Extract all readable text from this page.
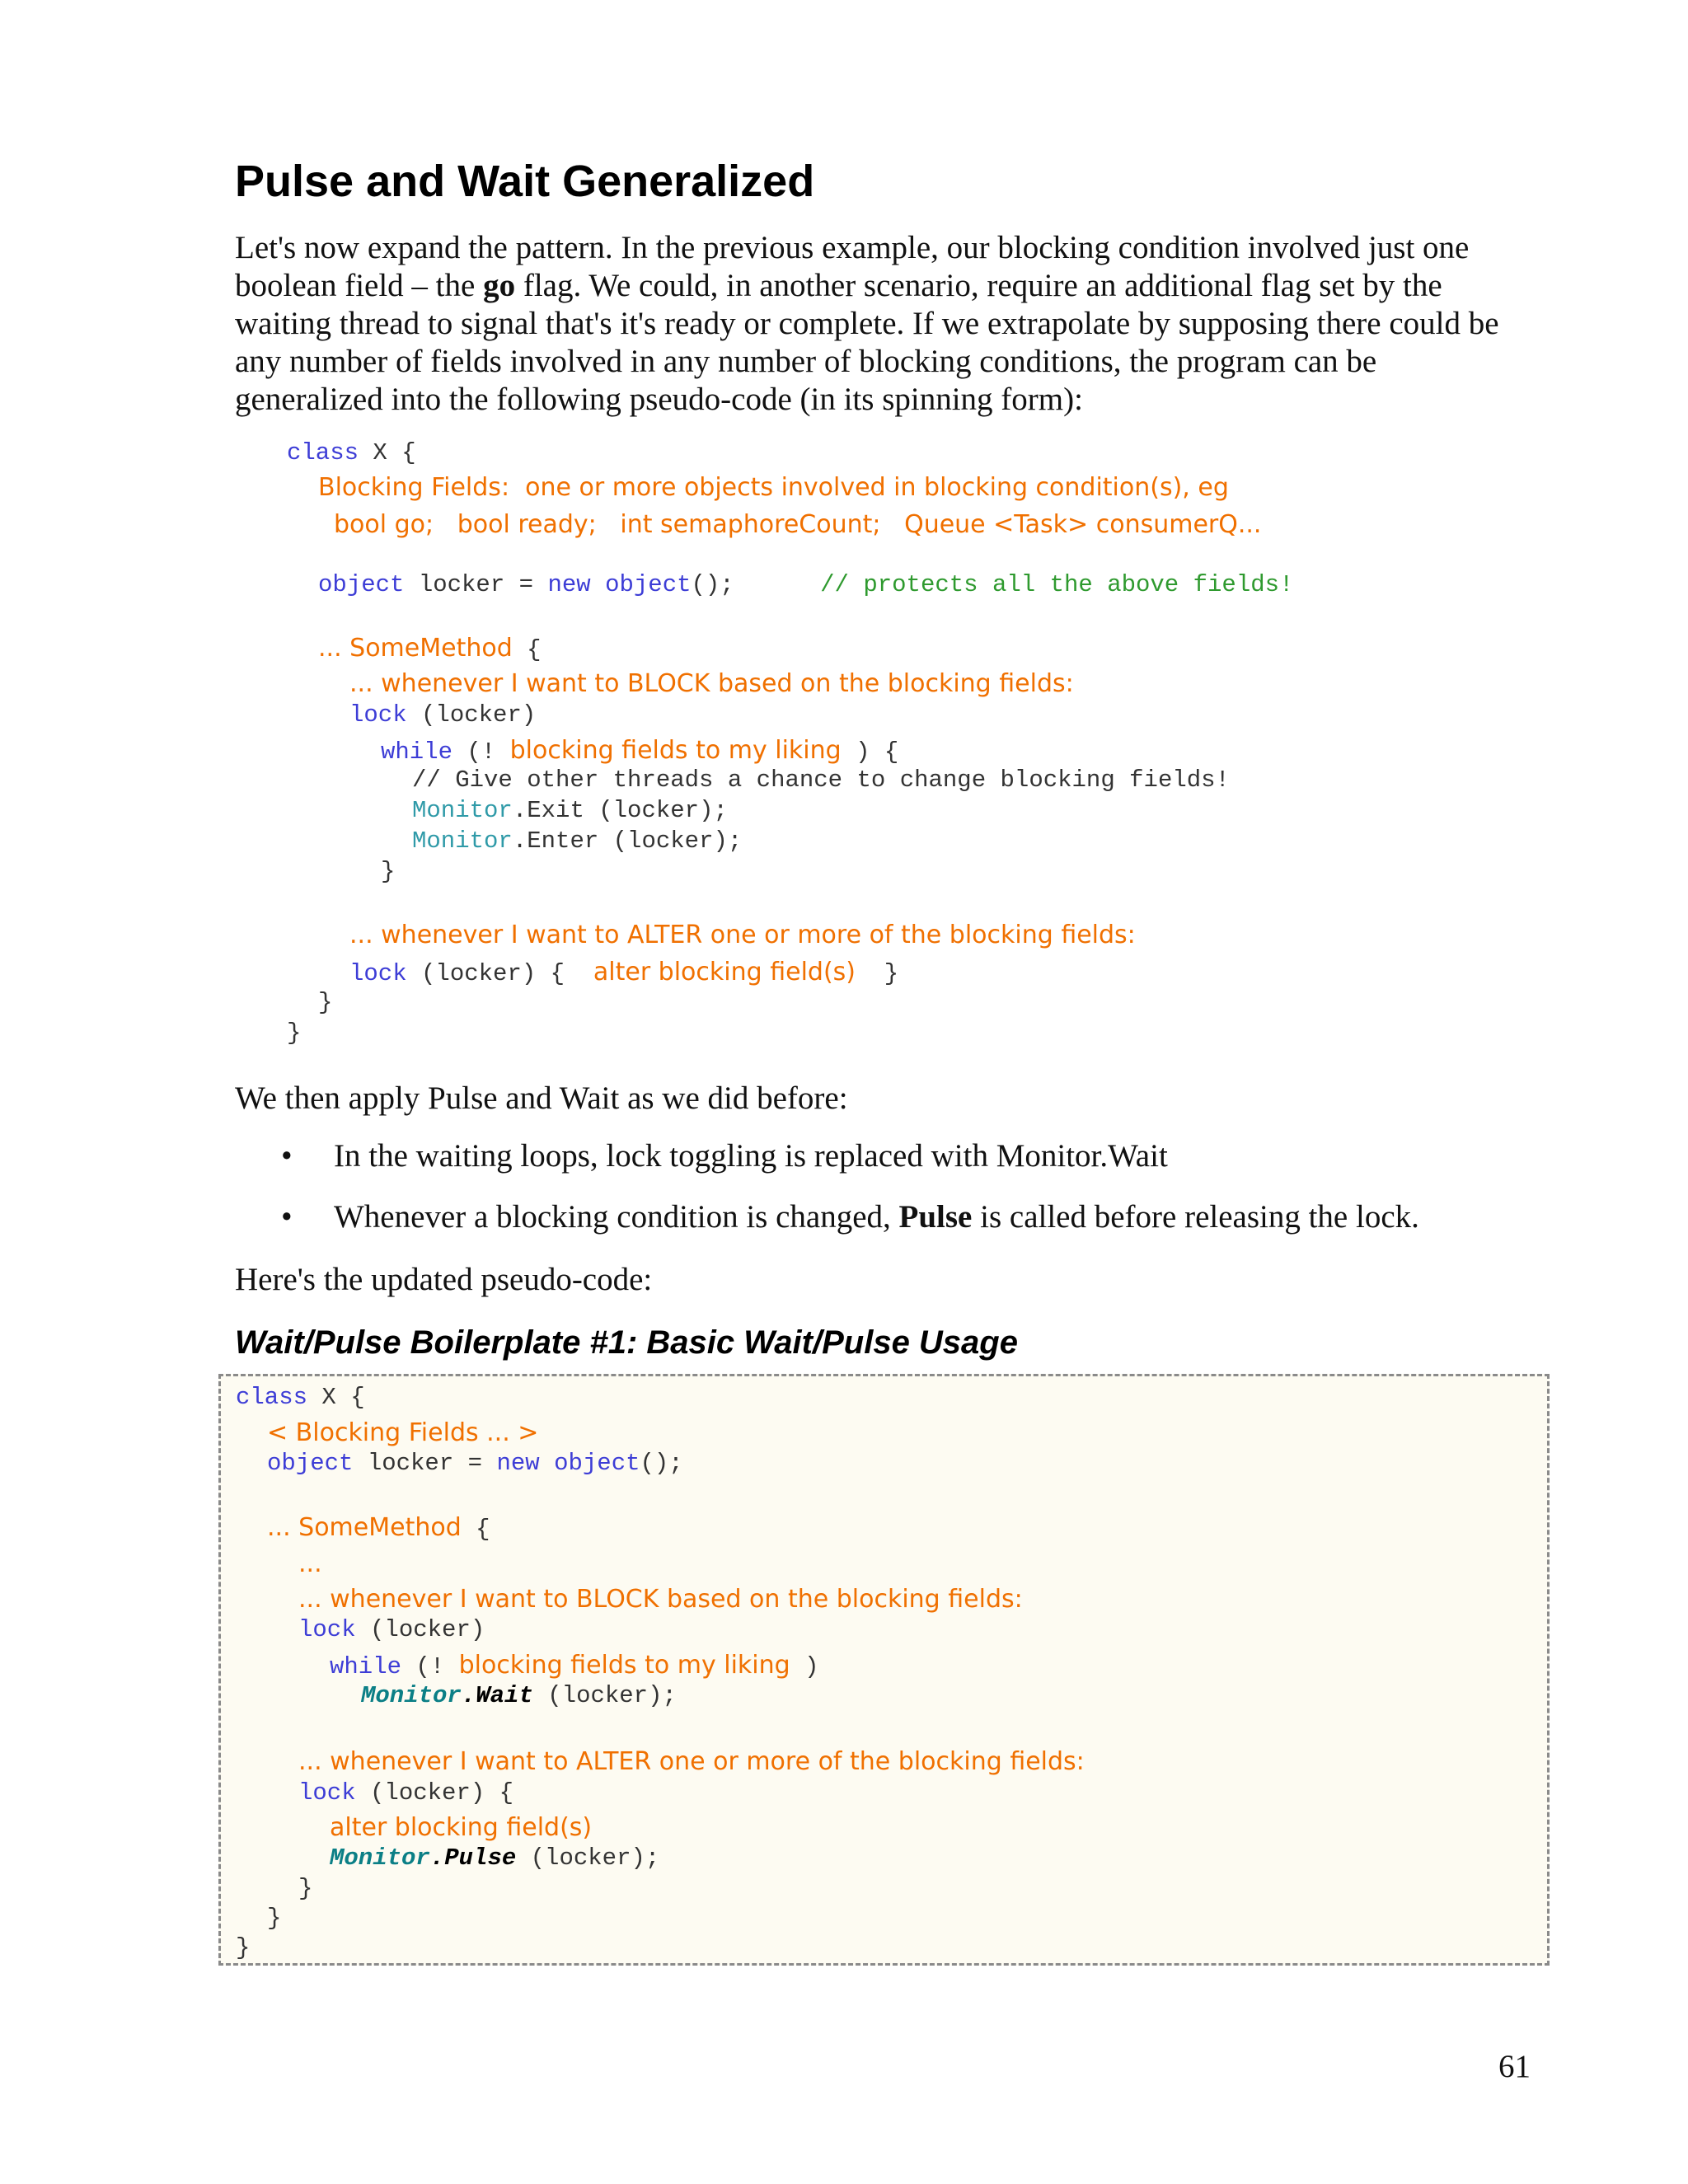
Pulse and Wait Generalized

Let's now expand the pattern. In the previous example, our blocking condition involved just one boolean field – the go flag. We could, in another scenario, require an additional flag set by the waiting thread to signal that's it's ready or complete. If we extrapolate by supposing there could be any number of fields involved in any number of blocking conditions, the program can be generalized into the following pseudo-code (in its spinning form):

class X {

Blocking Fields:  one or more objects involved in blocking condition(s), eg

bool go;   bool ready;   int semaphoreCount;   Queue <Task> consumerQ...

object locker = new object();      // protects all the above fields!

... SomeMethod {

... whenever I want to BLOCK based on the blocking fields:

lock (locker)

while (! blocking fields to my liking ) {

// Give other threads a chance to change blocking fields!

Monitor.Exit (locker);

Monitor.Enter (locker);

}

... whenever I want to ALTER one or more of the blocking fields:

lock (locker) {  alter blocking field(s)  }

}

}

We then apply Pulse and Wait as we did before:

• In the waiting loops, lock toggling is replaced with Monitor.Wait
• Whenever a blocking condition is changed, Pulse is called before releasing the lock.

Here's the updated pseudo-code:

Wait/Pulse Boilerplate #1: Basic Wait/Pulse Usage

class X {

< Blocking Fields ... >

object locker = new object();

... SomeMethod {

...

... whenever I want to BLOCK based on the blocking fields:

lock (locker)

while (! blocking fields to my liking )

Monitor.Wait (locker);

... whenever I want to ALTER one or more of the blocking fields:

lock (locker) {

alter blocking field(s)

Monitor.Pulse (locker);

}

}

}

61
